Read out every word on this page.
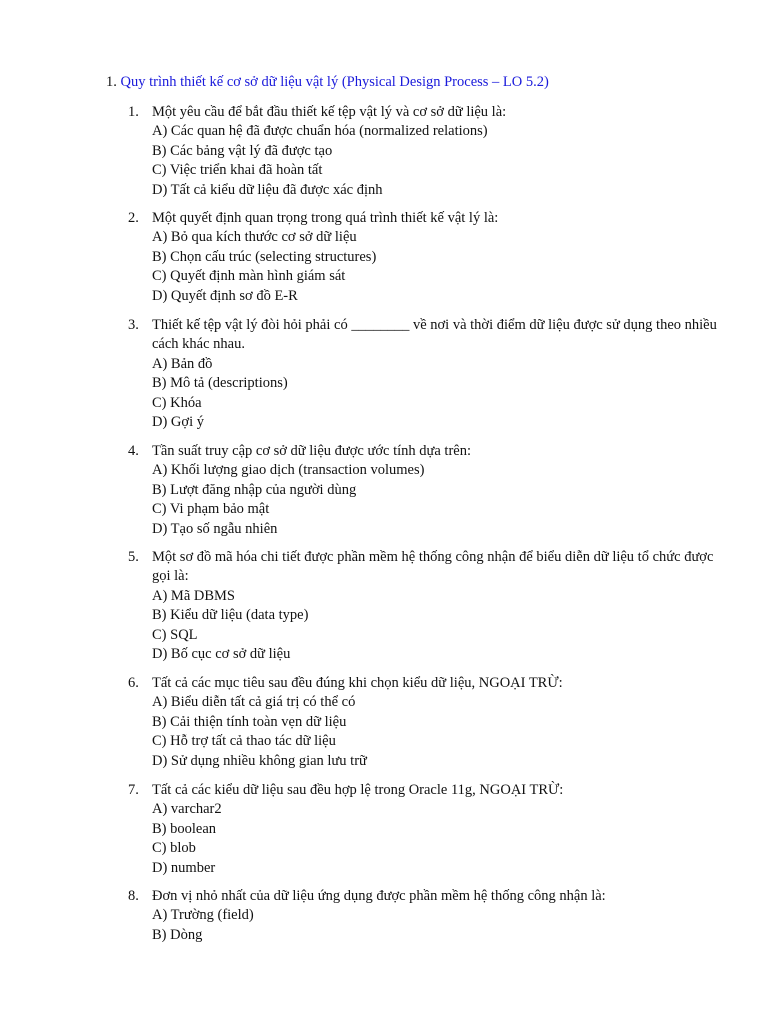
1. Quy trình thiết kế cơ sở dữ liệu vật lý (Physical Design Process – LO 5.2)
1. Một yêu cầu để bắt đầu thiết kế tệp vật lý và cơ sở dữ liệu là:
A) Các quan hệ đã được chuẩn hóa (normalized relations)
B) Các bảng vật lý đã được tạo
C) Việc triển khai đã hoàn tất
D) Tất cả kiểu dữ liệu đã được xác định
2. Một quyết định quan trọng trong quá trình thiết kế vật lý là:
A) Bỏ qua kích thước cơ sở dữ liệu
B) Chọn cấu trúc (selecting structures)
C) Quyết định màn hình giám sát
D) Quyết định sơ đồ E-R
3. Thiết kế tệp vật lý đòi hỏi phải có ________ về nơi và thời điểm dữ liệu được sử dụng theo nhiều cách khác nhau.
A) Bản đồ
B) Mô tả (descriptions)
C) Khóa
D) Gợi ý
4. Tần suất truy cập cơ sở dữ liệu được ước tính dựa trên:
A) Khối lượng giao dịch (transaction volumes)
B) Lượt đăng nhập của người dùng
C) Vi phạm bảo mật
D) Tạo số ngẫu nhiên
5. Một sơ đồ mã hóa chi tiết được phần mềm hệ thống công nhận để biểu diễn dữ liệu tổ chức được gọi là:
A) Mã DBMS
B) Kiểu dữ liệu (data type)
C) SQL
D) Bố cục cơ sở dữ liệu
6. Tất cả các mục tiêu sau đều đúng khi chọn kiểu dữ liệu, NGOẠI TRỪ:
A) Biểu diễn tất cả giá trị có thể có
B) Cải thiện tính toàn vẹn dữ liệu
C) Hỗ trợ tất cả thao tác dữ liệu
D) Sử dụng nhiều không gian lưu trữ
7. Tất cả các kiểu dữ liệu sau đều hợp lệ trong Oracle 11g, NGOẠI TRỪ:
A) varchar2
B) boolean
C) blob
D) number
8. Đơn vị nhỏ nhất của dữ liệu ứng dụng được phần mềm hệ thống công nhận là:
A) Trường (field)
B) Dòng
